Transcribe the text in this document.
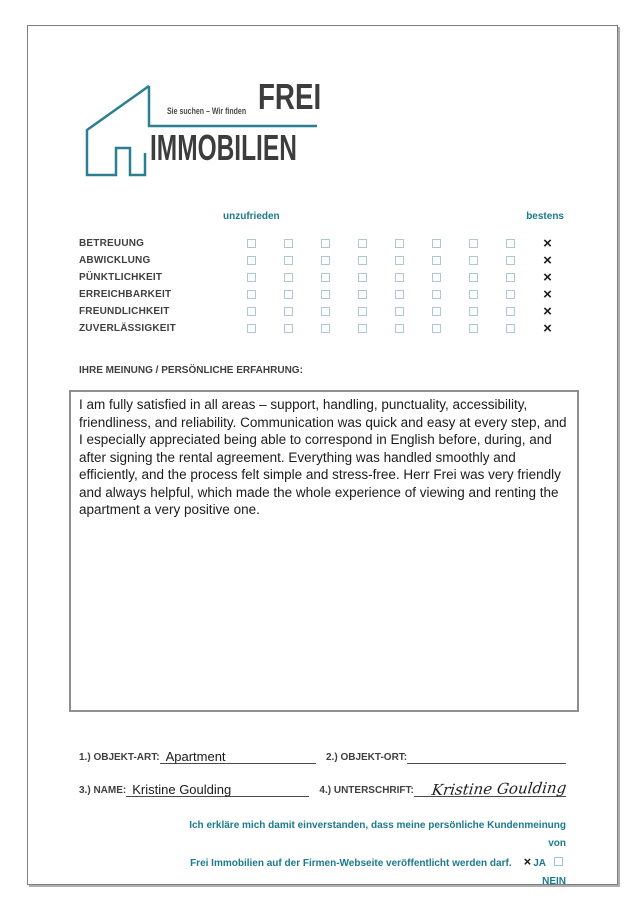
Sie suchen – Wir finden FREI
IMMOBILIEN
unzufrieden	bestens
BETREUUNG	×
ABWICKLUNG	×
PÜNKTLICHKEIT	×
ERREICHBARKEIT	×
FREUNDLICHKEIT	×
ZUVERLÄSSIGKEIT	×
IHRE MEINUNG / PERSÖNLICHE ERFAHRUNG:
I am fully satisfied in all areas – support, handling, punctuality, accessibility, friendliness, and reliability. Communication was quick and easy at every step, and I especially appreciated being able to correspond in English before, during, and after signing the rental agreement. Everything was handled smoothly and efficiently, and the process felt simple and stress-free. Herr Frei was very friendly and always helpful, which made the whole experience of viewing and renting the apartment a very positive one.
1.) OBJEKT-ART: Apartment	2.) OBJEKT-ORT:
3.) NAME: Kristine Goulding	4.) UNTERSCHRIFT:	Kristine Goulding
Ich erkläre mich damit einverstanden, dass meine persönliche Kundenmeinung von
Frei Immobilien auf der Firmen-Webseite veröffentlicht werden darf. × JANEIN
